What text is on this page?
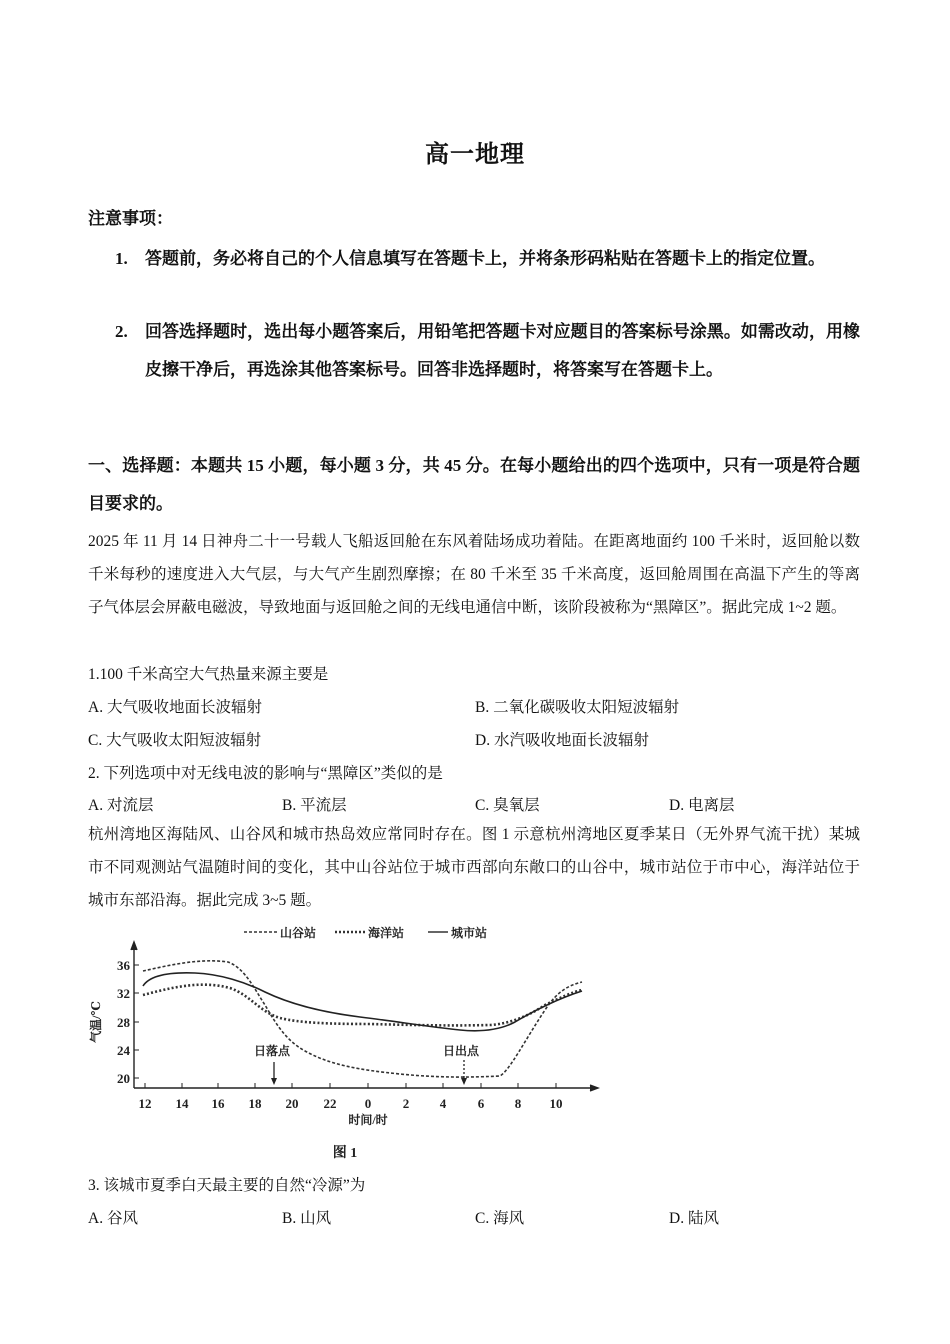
高一地理
注意事项：
1. 答题前，务必将自己的个人信息填写在答题卡上，并将条形码粘贴在答题卡上的指定位置。
2. 回答选择题时，选出每小题答案后，用铅笔把答题卡对应题目的答案标号涂黑。如需改动，用橡皮擦干净后，再选涂其他答案标号。回答非选择题时，将答案写在答题卡上。
一、选择题：本题共 15 小题，每小题 3 分，共 45 分。在每小题给出的四个选项中，只有一项是符合题目要求的。
2025 年 11 月 14 日神舟二十一号载人飞船返回舱在东风着陆场成功着陆。在距离地面约 100 千米时，返回舱以数千米每秒的速度进入大气层，与大气产生剧烈摩擦；在 80 千米至 35 千米高度，返回舱周围在高温下产生的等离子气体层会屏蔽电磁波，导致地面与返回舱之间的无线电通信中断，该阶段被称为“黑障区”。据此完成 1~2 题。
1.100 千米高空大气热量来源主要是
A. 大气吸收地面长波辐射	B. 二氧化碳吸收太阳短波辐射
C. 大气吸收太阳短波辐射	D. 水汽吸收地面长波辐射
2. 下列选项中对无线电波的影响与“黑障区”类似的是
A. 对流层	B. 平流层	C. 臭氧层	D. 电离层
杭州湾地区海陆风、山谷风和城市热岛效应常同时存在。图 1 示意杭州湾地区夏季某日（无外界气流干扰）某城市不同观测站气温随时间的变化，其中山谷站位于城市西部向东敞口的山谷中，城市站位于市中心，海洋站位于城市东部沿海。据此完成 3~5 题。
山谷站	海洋站	城市站
36
32
28
24
20
气温/℃
12 14 16 18 20 22 0 2 4 6 8 10
时间/时
日落点	日出点
图 1
3. 该城市夏季白天最主要的自然“冷源”为
A. 谷风	B. 山风	C. 海风	D. 陆风
